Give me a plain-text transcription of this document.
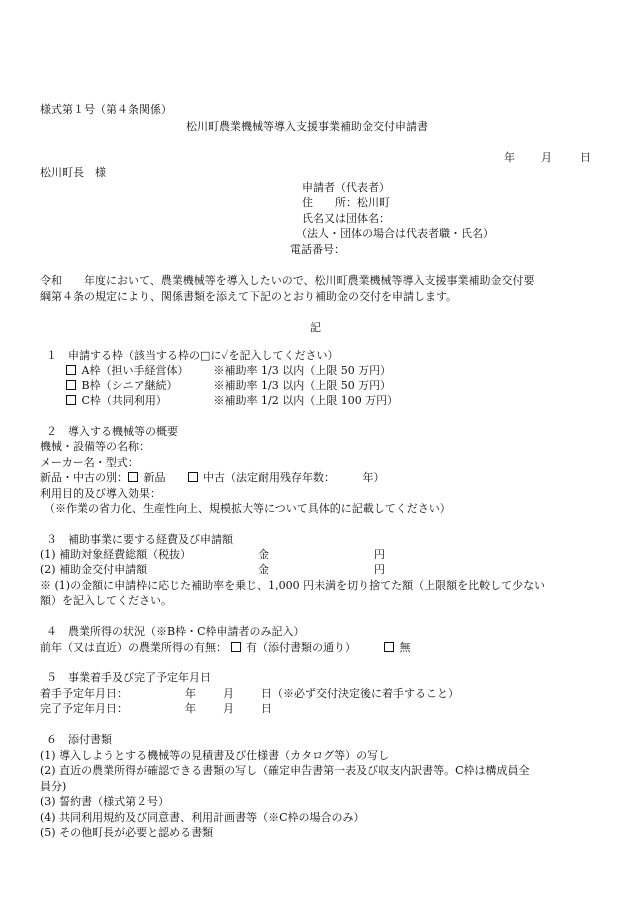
様式第１号（第４条関係）
松川町農業機械等導入支援事業補助金交付申請書
年 月	日
松川町長　様
申請者（代表者）
住　　所：松川町
氏名又は団体名：
（法人・団体の場合は代表者職・氏名）
電話番号：
令和　　年度において、農業機械等を導入したいので、松川町農業機械等導入支援事業補助金交付要
綱第４条の規定により、関係書類を添えて下記のとおり補助金の交付を申請します。
記
１　申請する枠（該当する枠の□に✓を記入してください）
A枠（担い手経営体） ※補助率 1/3 以内（上限 50 万円）
B枠（シニア継続）	※補助率 1/3 以内（上限 50 万円）
C枠（共同利用）	※補助率 1/2 以内（上限 100 万円）
２　導入する機械等の概要
機械・設備等の名称：
メーカー名・型式：
新品・中古の別： 新品	中古（法定耐用残存年数：　　　年）
利用目的及び導入効果：
（※作業の省力化、生産性向上、規模拡大等について具体的に記載してください）
３　補助事業に要する経費及び申請額
(1) 補助対象経費総額（税抜）	金	円
(2) 補助金交付申請額	金	円
※ (1)の金額に申請枠に応じた補助率を乗じ、1,000 円未満を切り捨てた額（上限額を比較して少ない
額）を記入してください。
４　農業所得の状況（※B枠・C枠申請者のみ記入）
前年（又は直近）の農業所得の有無： 有（添付書類の通り）	無
５　事業着手及び完了予定年月日
着手予定年月日：	年 月 日（※必ず交付決定後に着手すること）
完了予定年月日：	年 月 日
６　添付書類
(1) 導入しようとする機械等の見積書及び仕様書（カタログ等）の写し
(2) 直近の農業所得が確認できる書類の写し（確定申告書第一表及び収支内訳書等。C枠は構成員全
員分)
(3) 誓約書（様式第２号）
(4) 共同利用規約及び同意書、利用計画書等（※C枠の場合のみ）
(5) その他町長が必要と認める書類
